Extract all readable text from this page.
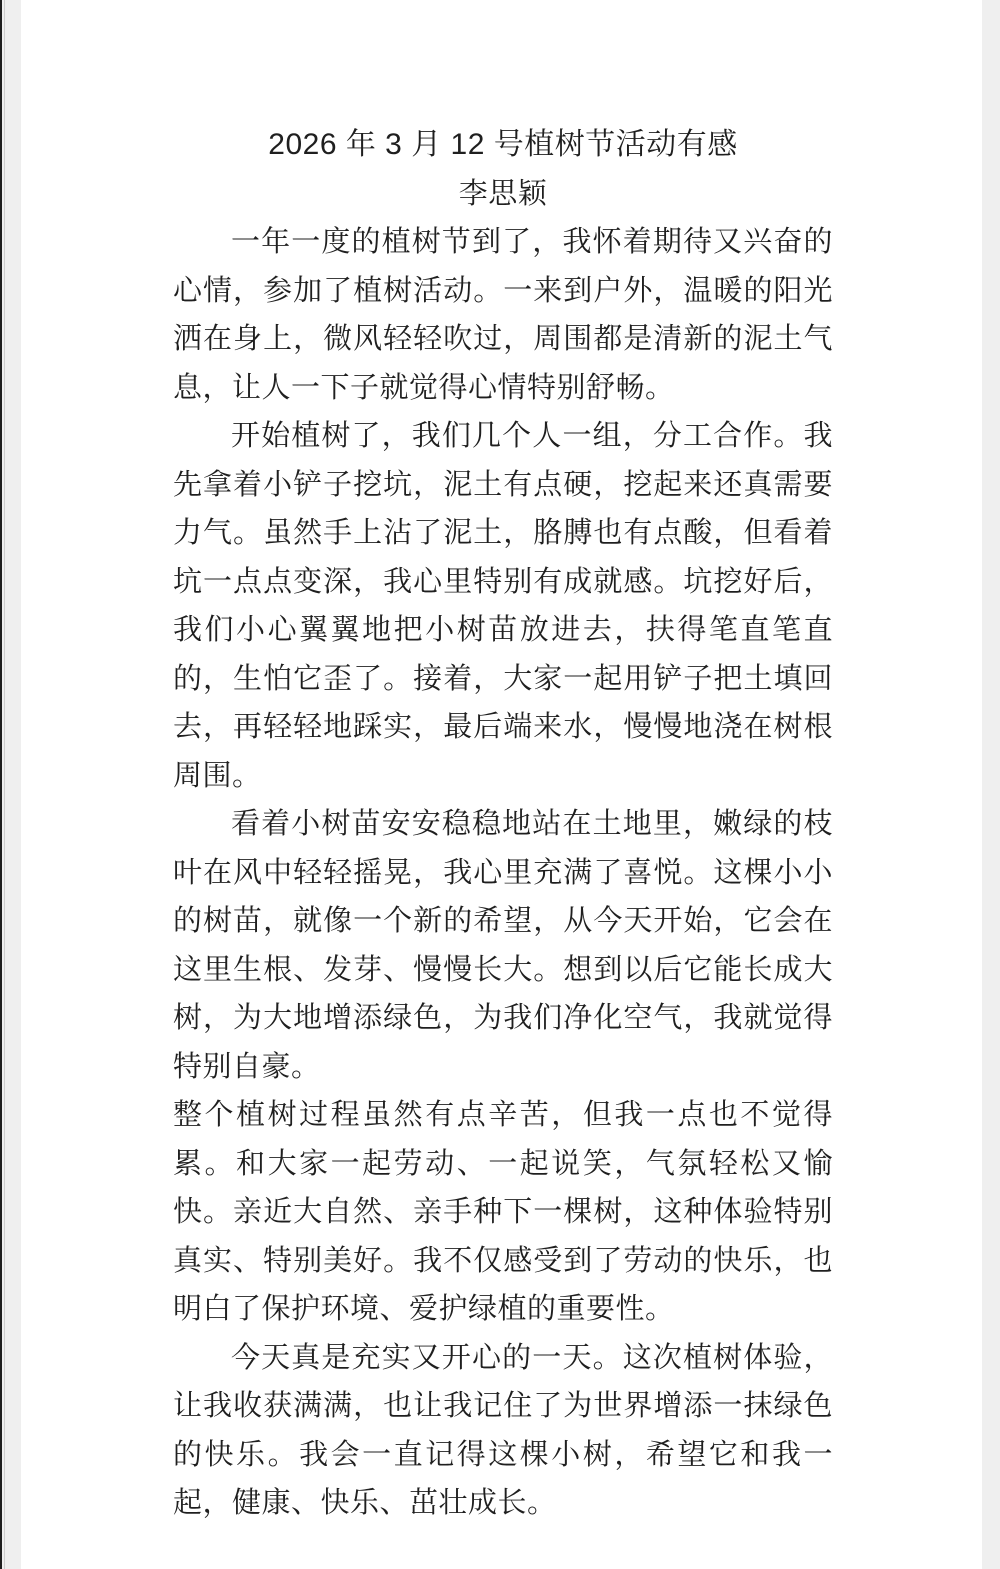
2026 年 3 月 12 号植树节活动有感
李思颖

一年一度的植树节到了，我怀着期待又兴奋的心情，参加了植树活动。一来到户外，温暖的阳光洒在身上，微风轻轻吹过，周围都是清新的泥土气息，让人一下子就觉得心情特别舒畅。

开始植树了，我们几个人一组，分工合作。我先拿着小铲子挖坑，泥土有点硬，挖起来还真需要力气。虽然手上沾了泥土，胳膊也有点酸，但看着坑一点点变深，我心里特别有成就感。坑挖好后，我们小心翼翼地把小树苗放进去，扶得笔直笔直的，生怕它歪了。接着，大家一起用铲子把土填回去，再轻轻地踩实，最后端来水，慢慢地浇在树根周围。

看着小树苗安安稳稳地站在土地里，嫩绿的枝叶在风中轻轻摇晃，我心里充满了喜悦。这棵小小的树苗，就像一个新的希望，从今天开始，它会在这里生根、发芽、慢慢长大。想到以后它能长成大树，为大地增添绿色，为我们净化空气，我就觉得特别自豪。

整个植树过程虽然有点辛苦，但我一点也不觉得累。和大家一起劳动、一起说笑，气氛轻松又愉快。亲近大自然、亲手种下一棵树，这种体验特别真实、特别美好。我不仅感受到了劳动的快乐，也明白了保护环境、爱护绿植的重要性。

今天真是充实又开心的一天。这次植树体验，让我收获满满，也让我记住了为世界增添一抹绿色的快乐。我会一直记得这棵小树，希望它和我一起，健康、快乐、茁壮成长。
